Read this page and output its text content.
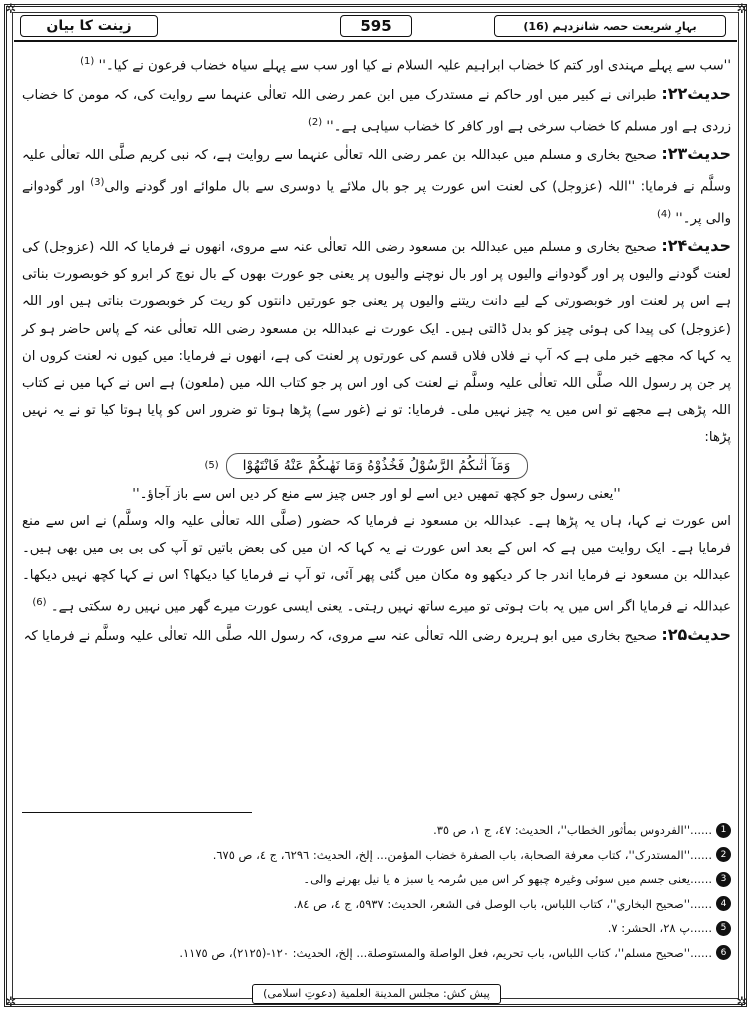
✲	✲
✲	✲
زینت کا بیان	595	بہارِ شریعت حصہ شانزدہم (16)

''سب سے پہلے مہندی اور کتم کا خضاب ابراہیم علیہ السلام نے کیا اور سب سے پہلے سیاہ خضاب فرعون نے کیا۔'' $^{(1)}$

حدیث۲۲: طبرانی نے کبیر میں اور حاکم نے مستدرک میں ابن عمر رضی اللہ تعالٰی عنہما سے روایت کی، کہ مومن کا خضاب زردی ہے اور مسلم کا خضاب سرخی ہے اور کافر کا خضاب سیاہی ہے۔'' $^{(2)}$

حدیث۲۳: صحیح بخاری و مسلم میں عبداللہ بن عمر رضی اللہ تعالٰی عنہما سے روایت ہے، کہ نبی کریم صلَّی اللہ تعالٰی علیہ وسلَّم نے فرمایا: ''اللہ (عزوجل) کی لعنت اس عورت پر جو بال ملائے یا دوسری سے بال ملوائے اور گودنے والی$^{(3)}$ اور گودوانے والی پر۔'' $^{(4)}$

حدیث۲۴: صحیح بخاری و مسلم میں عبداللہ بن مسعود رضی اللہ تعالٰی عنہ سے مروی، انھوں نے فرمایا کہ اللہ (عزوجل) کی لعنت گودنے والیوں پر اور گودوانے والیوں پر اور بال نوچنے والیوں پر یعنی جو عورت بھوں کے بال نوچ کر ابرو کو خوبصورت بناتی ہے اس پر لعنت اور خوبصورتی کے لیے دانت ریتنے والیوں پر یعنی جو عورتیں دانتوں کو ریت کر خوبصورت بناتی ہیں اور اللہ (عزوجل) کی پیدا کی ہوئی چیز کو بدل ڈالتی ہیں۔ ایک عورت نے عبداللہ بن مسعود رضی اللہ تعالٰی عنہ کے پاس حاضر ہو کر یہ کہا کہ مجھے خبر ملی ہے کہ آپ نے فلاں فلاں قسم کی عورتوں پر لعنت کی ہے، انھوں نے فرمایا: میں کیوں نہ لعنت کروں ان پر جن پر رسول اللہ صلَّی اللہ تعالٰی علیہ وسلَّم نے لعنت کی اور اس پر جو کتاب اللہ میں (ملعون) ہے اس نے کہا میں نے کتاب اللہ پڑھی ہے مجھے تو اس میں یہ چیز نہیں ملی۔ فرمایا: تو نے (غور سے) پڑھا ہوتا تو ضرور اس کو پایا ہوتا کیا تو نے یہ نہیں پڑھا:

وَمَآ اٰتٰىكُمُ الرَّسُوْلُ فَخُذُوْهُ وَمَا نَهٰىكُمْ عَنْهُ فَانْتَهُوْا
(5)

''یعنی رسول جو کچھ تمھیں دیں اسے لو اور جس چیز سے منع کر دیں اس سے باز آجاؤ۔''

اس عورت نے کہا، ہاں یہ پڑھا ہے۔ عبداللہ بن مسعود نے فرمایا کہ حضور (صلَّی اللہ تعالٰی علیہ والہ وسلَّم) نے اس سے منع فرمایا ہے۔ ایک روایت میں ہے کہ اس کے بعد اس عورت نے یہ کہا کہ ان میں کی بعض باتیں تو آپ کی بی بی میں بھی ہیں۔ عبداللہ بن مسعود نے فرمایا اندر جا کر دیکھو وہ مکان میں گئی پھر آئی، تو آپ نے فرمایا کیا دیکھا؟ اس نے کہا کچھ نہیں دیکھا۔ عبداللہ نے فرمایا اگر اس میں یہ بات ہوتی تو میرے ساتھ نہیں رہتی۔ یعنی ایسی عورت میرے گھر میں نہیں رہ سکتی ہے۔ $^{(6)}$

حدیث۲۵: صحیح بخاری میں ابو ہریرہ رضی اللہ تعالٰی عنہ سے مروی، کہ رسول اللہ صلَّی اللہ تعالٰی علیہ وسلَّم نے فرمایا کہ

1
......''الفردوس بمأثور الخطاب''، الحدیث: ٤٧، ج ١، ص ٣٥.
2
......''المستدرک''، کتاب معرفة الصحابة، باب الصفرة خضاب المؤمن... إلخ، الحدیث: ٦٢٩٦، ج ٤، ص ٦٧٥.
3
......یعنی جسم میں سوئی وغیرہ چبھو کر اس میں سُرمہ یا سبز ہ یا نیل بھرنے والی۔
4
......''صحیح البخاري''، کتاب اللباس، باب الوصل فی الشعر، الحدیث: ٥٩٣٧، ج ٤، ص ٨٤.
5
......پ ۲۸، الحشر: ۷.
6
......''صحیح مسلم''، کتاب اللباس، باب تحریم، فعل الواصلة والمستوصلة... إلخ، الحدیث: ١٢٠-(٢١٢٥)، ص ١١٧٥.
پیش کش: مجلس المدینة العلمیة (دعوتِ اسلامی)
